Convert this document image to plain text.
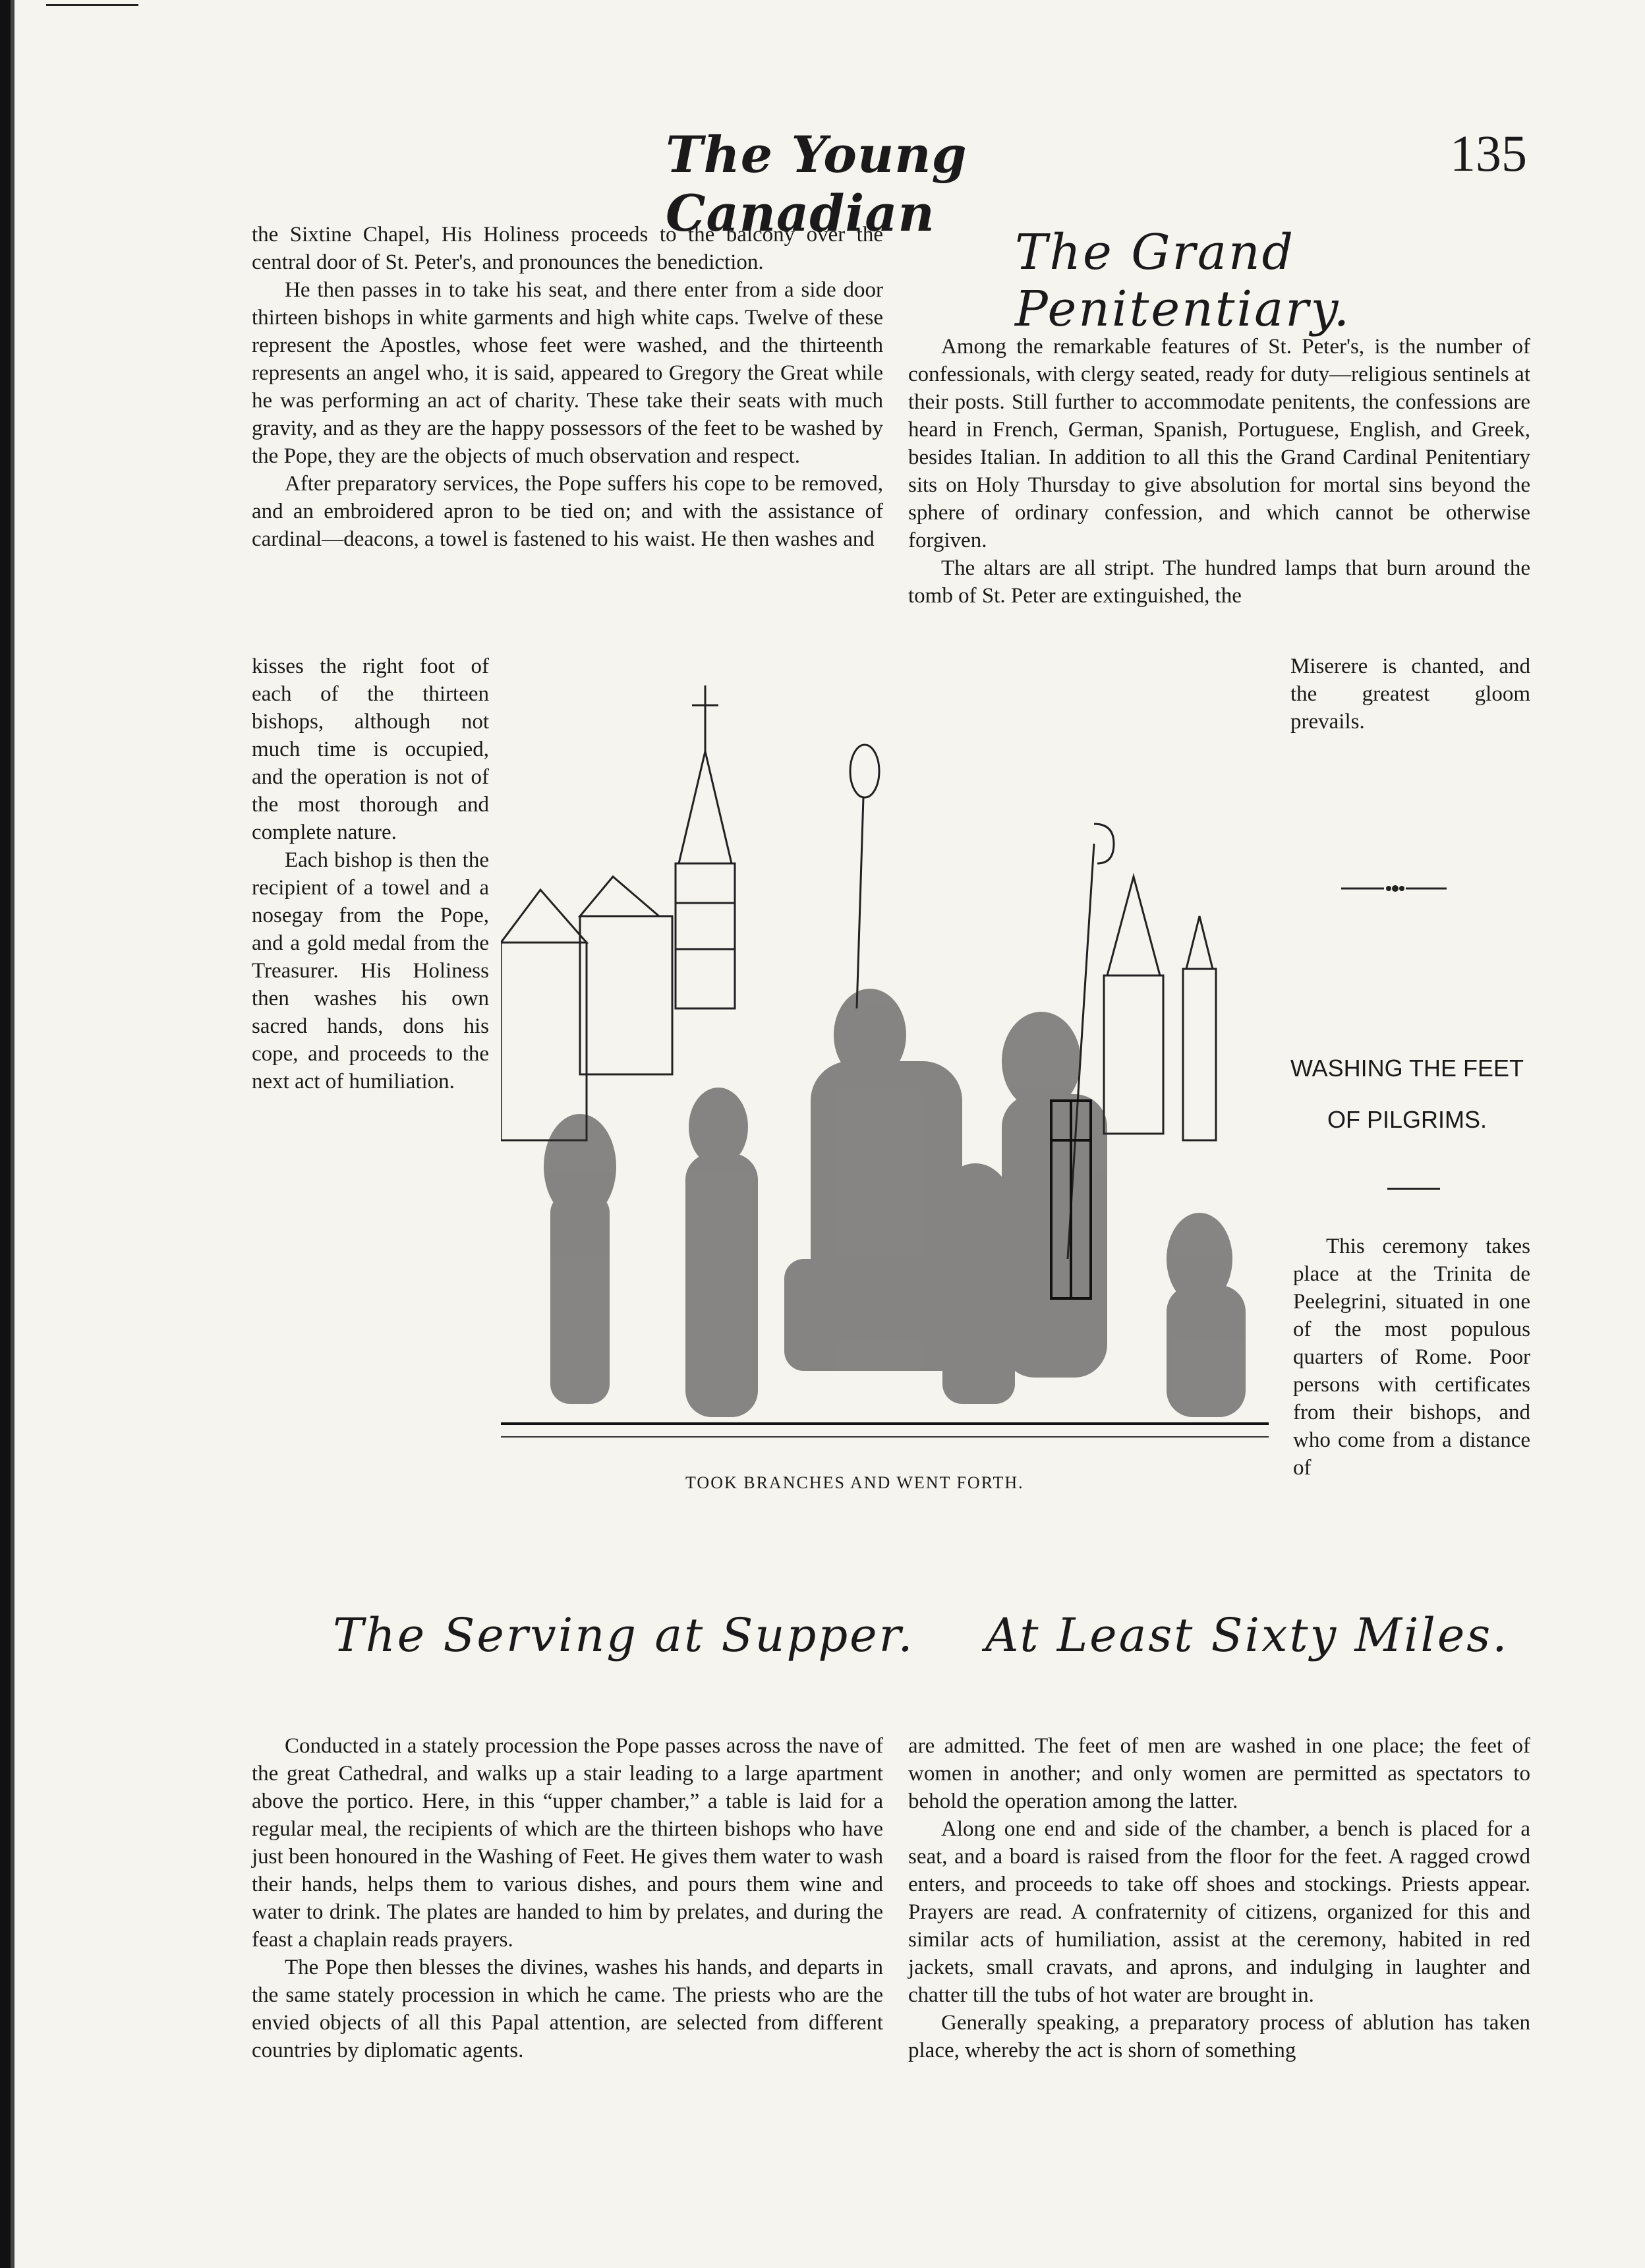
The Young Canadian
135

the Sixtine Chapel, His Holiness proceeds to the balcony over the central door of St. Peter's, and pronounces the benediction.

He then passes in to take his seat, and there enter from a side door thirteen bishops in white garments and high white caps. Twelve of these represent the Apostles, whose feet were washed, and the thirteenth represents an angel who, it is said, appeared to Gregory the Great while he was performing an act of charity. These take their seats with much gravity, and as they are the happy possessors of the feet to be washed by the Pope, they are the objects of much observation and respect.

After preparatory services, the Pope suffers his cope to be removed, and an embroidered apron to be tied on; and with the assistance of cardinal—deacons, a towel is fastened to his waist. He then washes and

kisses the right foot of each of the thirteen bishops, although not much time is occupied, and the operation is not of the most thorough and complete nature.

Each bishop is then the recipient of a towel and a nosegay from the Pope, and a gold medal from the Treasurer. His Holiness then washes his own sacred hands, dons his cope, and proceeds to the next act of humiliation.

The Grand Penitentiary.

Among the remarkable features of St. Peter's, is the number of confessionals, with clergy seated, ready for duty—religious sentinels at their posts. Still further to accommodate penitents, the confessions are heard in French, German, Spanish, Portuguese, English, and Greek, besides Italian. In addition to all this the Grand Cardinal Penitentiary sits on Holy Thursday to give absolution for mortal sins beyond the sphere of ordinary confession, and which cannot be otherwise forgiven.

The altars are all stript. The hundred lamps that burn around the tomb of St. Peter are extinguished, the

Miserere is chanted, and the greatest gloom prevails.

WASHING THE FEET
OF PILGRIMS.

This ceremony takes place at the Trinita de Peelegrini, situated in one of the most populous quarters of Rome. Poor persons with certificates from their bishops, and who come from a distance of

TOOK BRANCHES AND WENT FORTH.
The Serving at Supper. At Least Sixty Miles.

Conducted in a stately procession the Pope passes across the nave of the great Cathedral, and walks up a stair leading to a large apartment above the portico. Here, in this “upper chamber,” a table is laid for a regular meal, the recipients of which are the thirteen bishops who have just been honoured in the Washing of Feet. He gives them water to wash their hands, helps them to various dishes, and pours them wine and water to drink. The plates are handed to him by prelates, and during the feast a chaplain reads prayers.

The Pope then blesses the divines, washes his hands, and departs in the same stately procession in which he came. The priests who are the envied objects of all this Papal attention, are selected from different countries by diplomatic agents.

are admitted. The feet of men are washed in one place; the feet of women in another; and only women are permitted as spectators to behold the operation among the latter.

Along one end and side of the chamber, a bench is placed for a seat, and a board is raised from the floor for the feet. A ragged crowd enters, and proceeds to take off shoes and stockings. Priests appear. Prayers are read. A confraternity of citizens, organized for this and similar acts of humiliation, assist at the ceremony, habited in red jackets, small cravats, and aprons, and indulging in laughter and chatter till the tubs of hot water are brought in.

Generally speaking, a preparatory process of ablution has taken place, whereby the act is shorn of something
